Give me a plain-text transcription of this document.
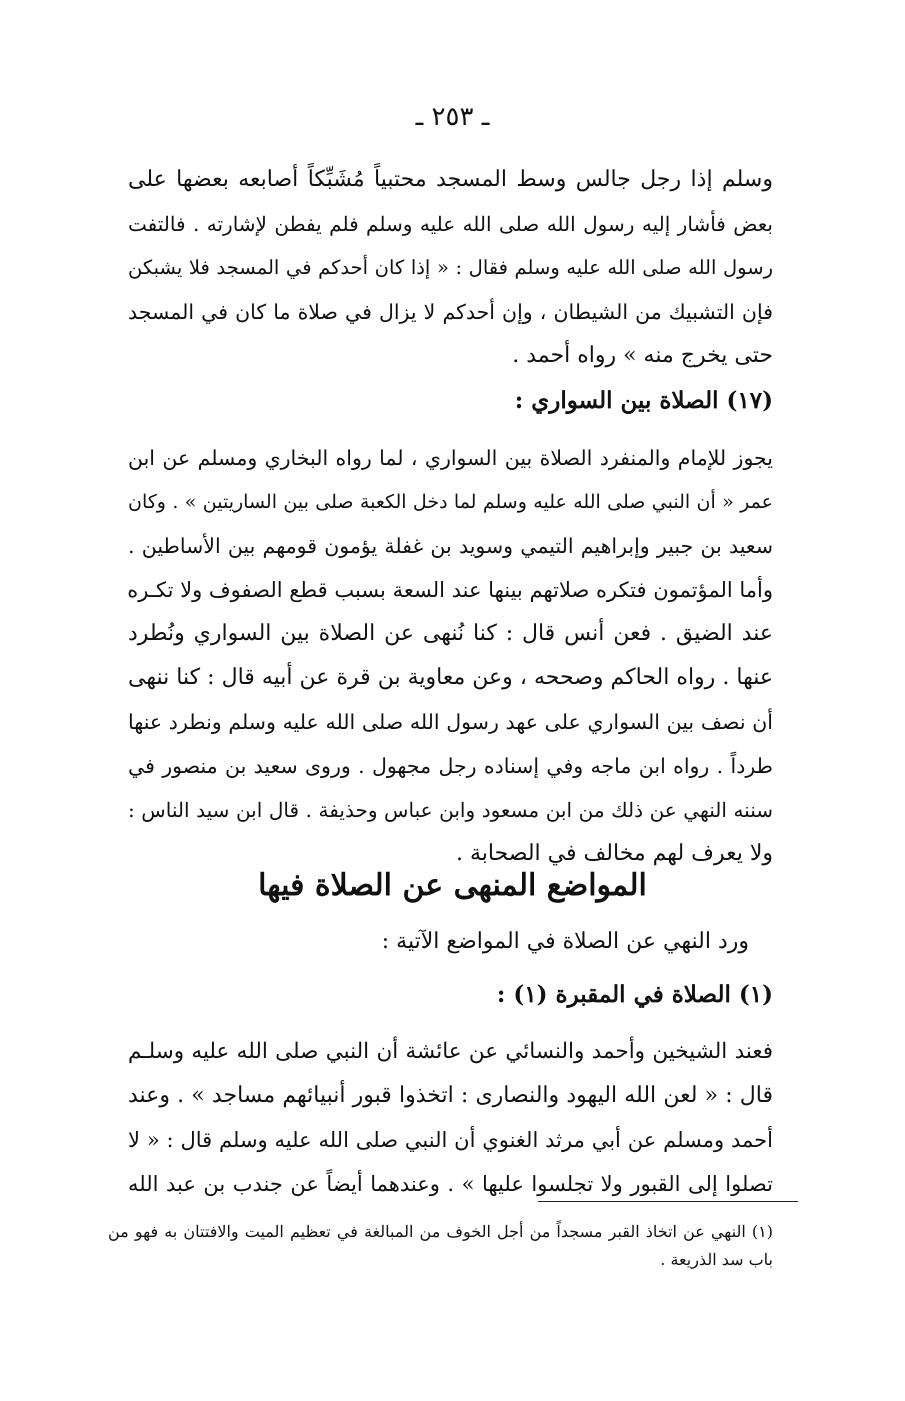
ـ ٢٥٣ ـ
وسلم إذا رجل جالس وسط المسجد محتبياً مُشَبِّكاً أصابعه بعضها على
بعض فأشار إليه رسول الله صلى الله عليه وسلم فلم يفطن لإشارته . فالتفت
رسول الله صلى الله عليه وسلم فقال : « إذا كان أحدكم في المسجد فلا يشبكن
فإن التشبيك من الشيطان ، وإن أحدكم لا يزال في صلاة ما كان في المسجد
حتى يخرج منه » رواه أحمد .
(١٧) الصلاة بين السواري :
يجوز للإمام والمنفرد الصلاة بين السواري ، لما رواه البخاري ومسلم عن ابن
عمر « أن النبي صلى الله عليه وسلم لما دخل الكعبة صلى بين الساريتين » . وكان
سعيد بن جبير وإبراهيم التيمي وسويد بن غفلة يؤمون قومهم بين الأساطين .
وأما المؤتمون فتكره صلاتهم بينها عند السعة بسبب قطع الصفوف ولا تكـره
عند الضيق . فعن أنس قال : كنا نُنهى عن الصلاة بين السواري ونُطرد
عنها . رواه الحاكم وصححه ، وعن معاوية بن قرة عن أبيه قال : كنا ننهى
أن نصف بين السواري على عهد رسول الله صلى الله عليه وسلم ونطرد عنها
طرداً . رواه ابن ماجه وفي إسناده رجل مجهول . وروى سعيد بن منصور في
سننه النهي عن ذلك من ابن مسعود وابن عباس وحذيفة . قال ابن سيد الناس :
ولا يعرف لهم مخالف في الصحابة .
المواضع المنهى عن الصلاة فيها
ورد النهي عن الصلاة في المواضع الآتية :
(١) الصلاة في المقبرة (١) :
فعند الشيخين وأحمد والنسائي عن عائشة أن النبي صلى الله عليه وسلـم
قال : « لعن الله اليهود والنصارى : اتخذوا قبور أنبيائهم مساجد » . وعند
أحمد ومسلم عن أبي مرثد الغنوي أن النبي صلى الله عليه وسلم قال : « لا
تصلوا إلى القبور ولا تجلسوا عليها » . وعندهما أيضاً عن جندب بن عبد الله
(١) النهي عن اتخاذ القبر مسجداً من أجل الخوف من المبالغة في تعظيم الميت والافتتان به فهو من
باب سد الذريعة .
